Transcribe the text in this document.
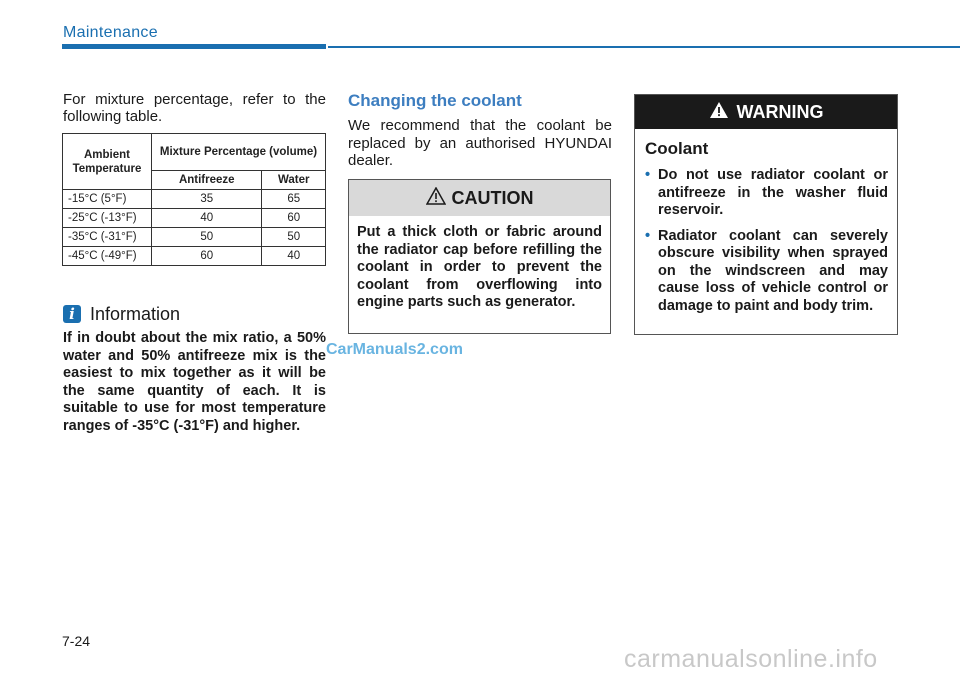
Maintenance
For mixture percentage, refer to the following table.
Ambient Temperature	Mixture Percentage (volume)	
	Antifreeze	Water
-15°C (5°F)	35	65
-25°C (-13°F)	40	60
-35°C (-31°F)	50	50
-45°C (-49°F)	60	40
i Information
If in doubt about the mix ratio, a 50% water and 50% antifreeze mix is the easiest to mix together as it will be the same quantity of each. It is suitable to use for most temperature ranges of -35°C (-31°F) and higher.
CarManuals2.com
Changing the coolant
We recommend that the coolant be replaced by an authorised HYUNDAI dealer.
CAUTION
Put a thick cloth or fabric around the radiator cap before refilling the coolant in order to prevent the coolant from overflowing into engine parts such as generator.
WARNING
Coolant
• Do not use radiator coolant or antifreeze in the washer fluid reservoir.
• Radiator coolant can severely obscure visibility when sprayed on the windscreen and may cause loss of vehicle control or damage to paint and body trim.
7-24
carmanualsonline.info
